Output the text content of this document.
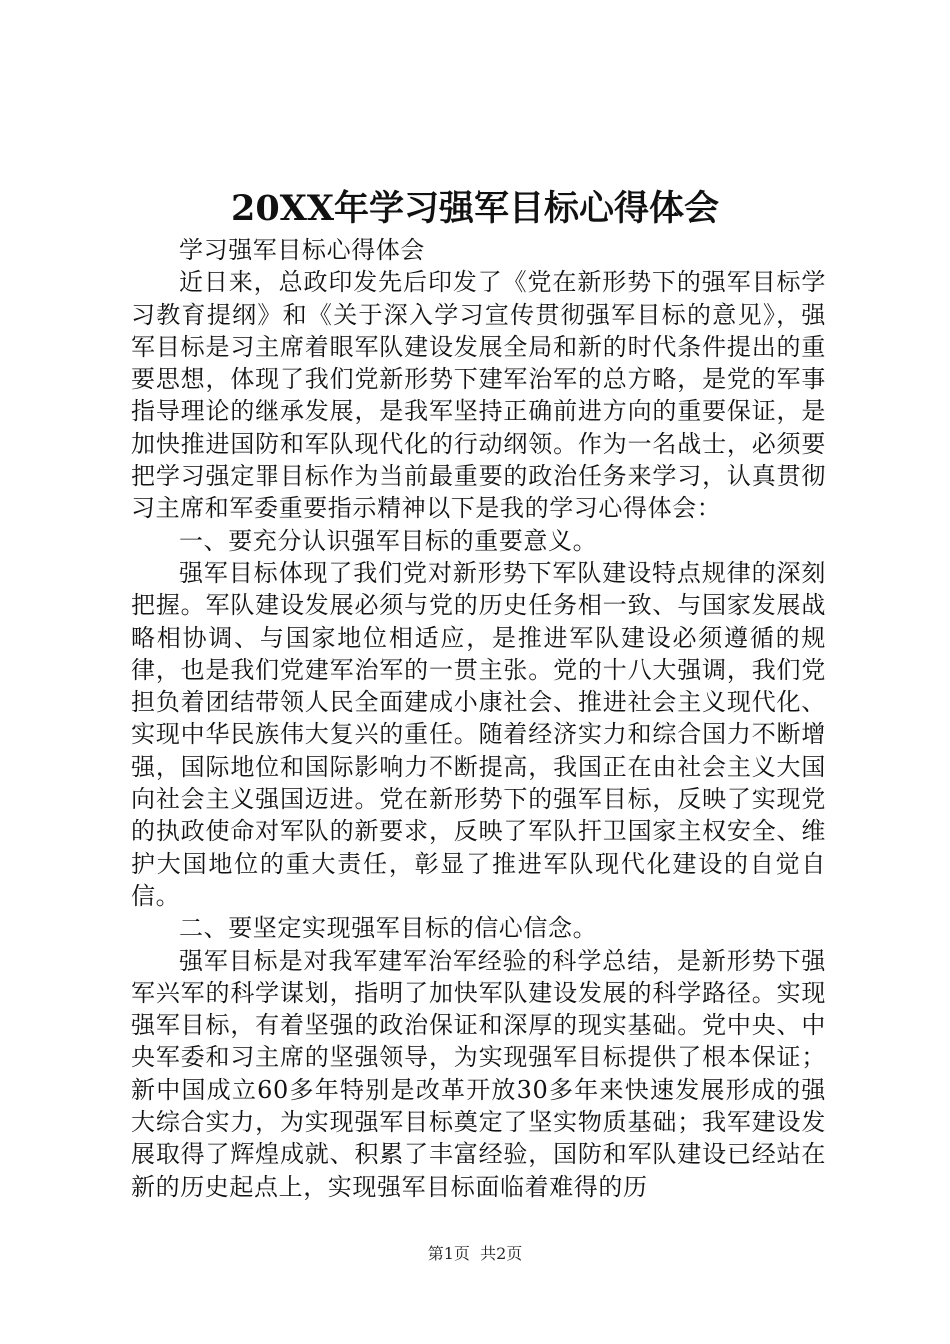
20XX年学习强军目标心得体会

学习强军目标心得体会

近日来，总政印发先后印发了《党在新形势下的强军目标学习教育提纲》和《关于深入学习宣传贯彻强军目标的意见》，强军目标是习主席着眼军队建设发展全局和新的时代条件提出的重要思想，体现了我们党新形势下建军治军的总方略，是党的军事指导理论的继承发展，是我军坚持正确前进方向的重要保证，是加快推进国防和军队现代化的行动纲领。作为一名战士，必须要把学习强定罪目标作为当前最重要的政治任务来学习，认真贯彻习主席和军委重要指示精神以下是我的学习心得体会：

一、要充分认识强军目标的重要意义。

强军目标体现了我们党对新形势下军队建设特点规律的深刻把握。军队建设发展必须与党的历史任务相一致、与国家发展战略相协调、与国家地位相适应，是推进军队建设必须遵循的规律，也是我们党建军治军的一贯主张。党的十八大强调，我们党担负着团结带领人民全面建成小康社会、推进社会主义现代化、实现中华民族伟大复兴的重任。随着经济实力和综合国力不断增强，国际地位和国际影响力不断提高，我国正在由社会主义大国向社会主义强国迈进。党在新形势下的强军目标，反映了实现党的执政使命对军队的新要求，反映了军队扞卫国家主权安全、维护大国地位的重大责任，彰显了推进军队现代化建设的自觉自信。

二、要坚定实现强军目标的信心信念。

强军目标是对我军建军治军经验的科学总结，是新形势下强军兴军的科学谋划，指明了加快军队建设发展的科学路径。实现强军目标，有着坚强的政治保证和深厚的现实基础。党中央、中央军委和习主席的坚强领导，为实现强军目标提供了根本保证；新中国成立60多年特别是改革开放30多年来快速发展形成的强大综合实力，为实现强军目标奠定了坚实物质基础；我军建设发展取得了辉煌成就、积累了丰富经验，国防和军队建设已经站在新的历史起点上，实现强军目标面临着难得的历

第1页 共2页
